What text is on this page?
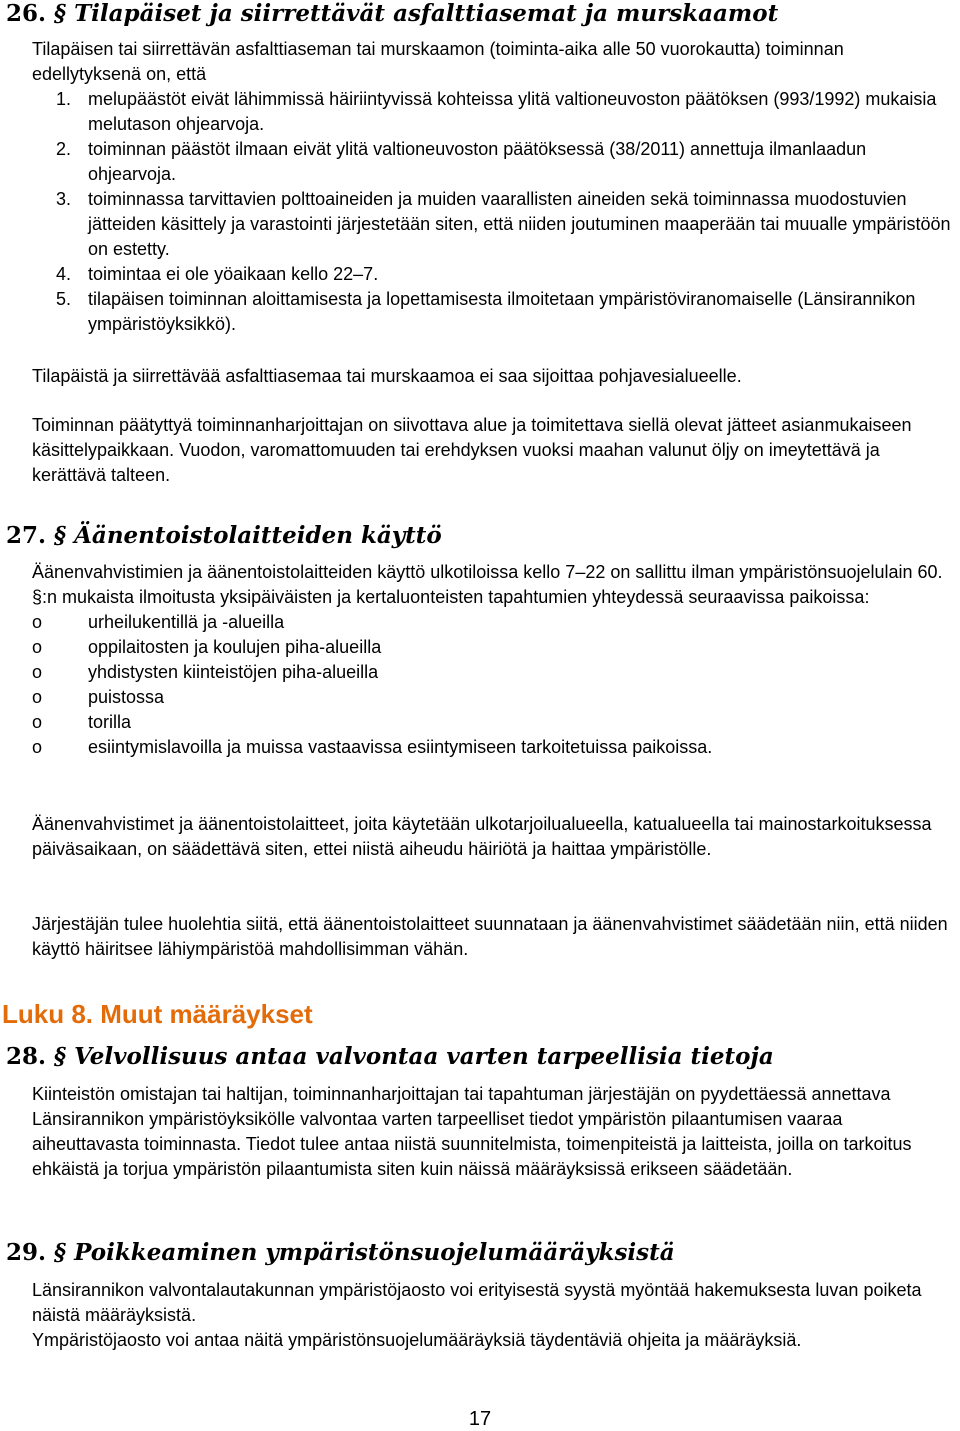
26. § Tilapäiset ja siirrettävät asfalttiasemat ja murskaamot

Tilapäisen tai siirrettävän asfalttiaseman tai murskaamon (toiminta-aika alle 50 vuorokautta) toiminnan edellytyksenä on, että

1. melupäästöt eivät lähimmissä häiriintyvissä kohteissa ylitä valtioneuvoston päätöksen (993/1992) mukaisia melutason ohjearvoja.
2. toiminnan päästöt ilmaan eivät ylitä valtioneuvoston päätöksessä (38/2011) annettuja ilmanlaadun ohjearvoja.
3. toiminnassa tarvittavien polttoaineiden ja muiden vaarallisten aineiden sekä toiminnassa muodostuvien jätteiden käsittely ja varastointi järjestetään siten, että niiden joutuminen maaperään tai muualle ympäristöön on estetty.
4. toimintaa ei ole yöaikaan kello 22–7.
5. tilapäisen toiminnan aloittamisesta ja lopettamisesta ilmoitetaan ympäristöviranomaiselle (Länsirannikon ympäristöyksikkö).

Tilapäistä ja siirrettävää asfalttiasemaa tai murskaamoa ei saa sijoittaa pohjavesialueelle.

Toiminnan päätyttyä toiminnanharjoittajan on siivottava alue ja toimitettava siellä olevat jätteet asianmukaiseen käsittelypaikkaan. Vuodon, varomattomuuden tai erehdyksen vuoksi maahan valunut öljy on imeytettävä ja kerättävä talteen.

27. § Äänentoistolaitteiden käyttö

Äänenvahvistimien ja äänentoistolaitteiden käyttö ulkotiloissa kello 7–22 on sallittu ilman ympäristönsuojelulain 60. §:n mukaista ilmoitusta yksipäiväisten ja kertaluonteisten tapahtumien yhteydessä seuraavissa paikoissa:

o	urheilukentillä ja -alueilla
o	oppilaitosten ja koulujen piha-alueilla
o	yhdistysten kiinteistöjen piha-alueilla
o	puistossa
o	torilla
o	esiintymislavoilla ja muissa vastaavissa esiintymiseen tarkoitetuissa paikoissa.

Äänenvahvistimet ja äänentoistolaitteet, joita käytetään ulkotarjoilualueella, katualueella tai mainostarkoituksessa päiväsaikaan, on säädettävä siten, ettei niistä aiheudu häiriötä ja haittaa ympäristölle.

Järjestäjän tulee huolehtia siitä, että äänentoistolaitteet suunnataan ja äänenvahvistimet säädetään niin, että niiden käyttö häiritsee lähiympäristöä mahdollisimman vähän.

Luku 8. Muut määräykset
28. § Velvollisuus antaa valvontaa varten tarpeellisia tietoja

Kiinteistön omistajan tai haltijan, toiminnanharjoittajan tai tapahtuman järjestäjän on pyydettäessä annettava Länsirannikon ympäristöyksikölle valvontaa varten tarpeelliset tiedot ympäristön pilaantumisen vaaraa aiheuttavasta toiminnasta. Tiedot tulee antaa niistä suunnitelmista, toimenpiteistä ja laitteista, joilla on tarkoitus ehkäistä ja torjua ympäristön pilaantumista siten kuin näissä määräyksissä erikseen säädetään.

29. § Poikkeaminen ympäristönsuojelumääräyksistä

Länsirannikon valvontalautakunnan ympäristöjaosto voi erityisestä syystä myöntää hakemuksesta luvan poiketa näistä määräyksistä.

Ympäristöjaosto voi antaa näitä ympäristönsuojelumääräyksiä täydentäviä ohjeita ja määräyksiä.

17
